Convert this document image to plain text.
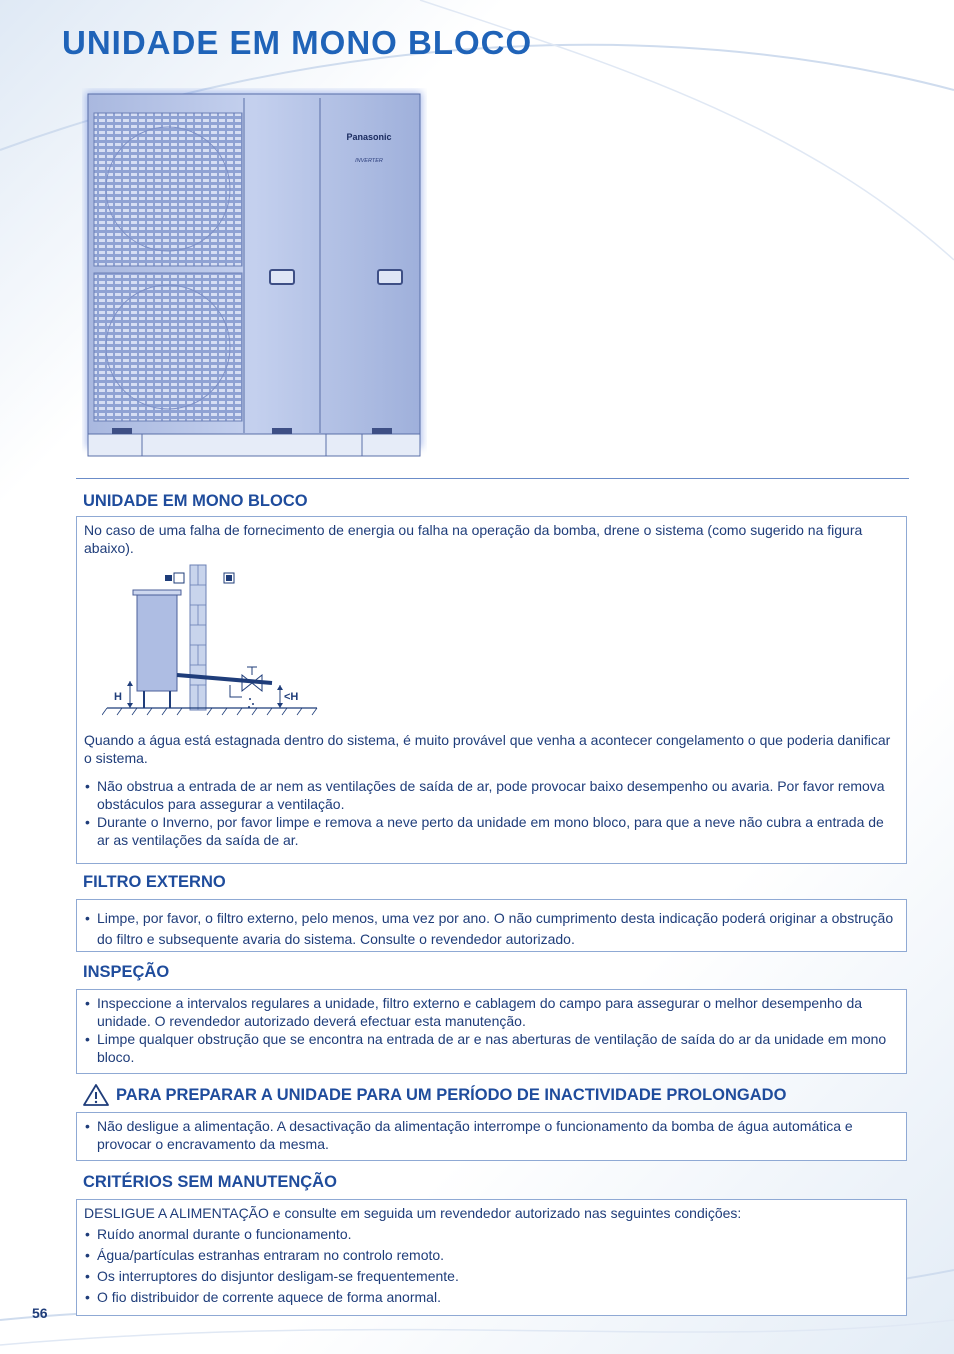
UNIDADE EM MONO BLOCO
Panasonic
INVERTER
UNIDADE EM MONO BLOCO

No caso de uma falha de fornecimento de energia ou falha na operação da bomba, drene o sistema (como sugerido na figura abaixo).

H	<H

Quando a água está estagnada dentro do sistema, é muito provável que venha a acontecer congelamento o que poderia danificar o sistema.

• Não obstrua a entrada de ar nem as ventilações de saída de ar, pode provocar baixo desempenho ou avaria. Por favor remova obstáculos para assegurar a ventilação.
• Durante o Inverno, por favor limpe e remova a neve perto da unidade em mono bloco, para que a neve não cubra a entrada de ar as ventilações da saída de ar.
FILTRO EXTERNO
• Limpe, por favor, o filtro externo, pelo menos, uma vez por ano. O não cumprimento desta indicação poderá originar a obstrução do filtro e subsequente avaria do sistema. Consulte o revendedor autorizado.
INSPEÇÃO
• Inspeccione a intervalos regulares a unidade, filtro externo e cablagem do campo para assegurar o melhor desempenho da unidade. O revendedor autorizado deverá efectuar esta manutenção.
• Limpe qualquer obstrução que se encontra na entrada de ar e nas aberturas de ventilação de saída do ar da unidade em mono bloco.
PARA PREPARAR A UNIDADE PARA UM PERÍODO DE INACTIVIDADE PROLONGADO
• Não desligue a alimentação. A desactivação da alimentação interrompe o funcionamento da bomba de água automática e provocar o encravamento da mesma.
CRITÉRIOS SEM MANUTENÇÃO

DESLIGUE A ALIMENTAÇÃO e consulte em seguida um revendedor autorizado nas seguintes condições:

• Ruído anormal durante o funcionamento.
• Água/partículas estranhas entraram no controlo remoto.
• Os interruptores do disjuntor desligam-se frequentemente.
• O fio distribuidor de corrente aquece de forma anormal.

56
